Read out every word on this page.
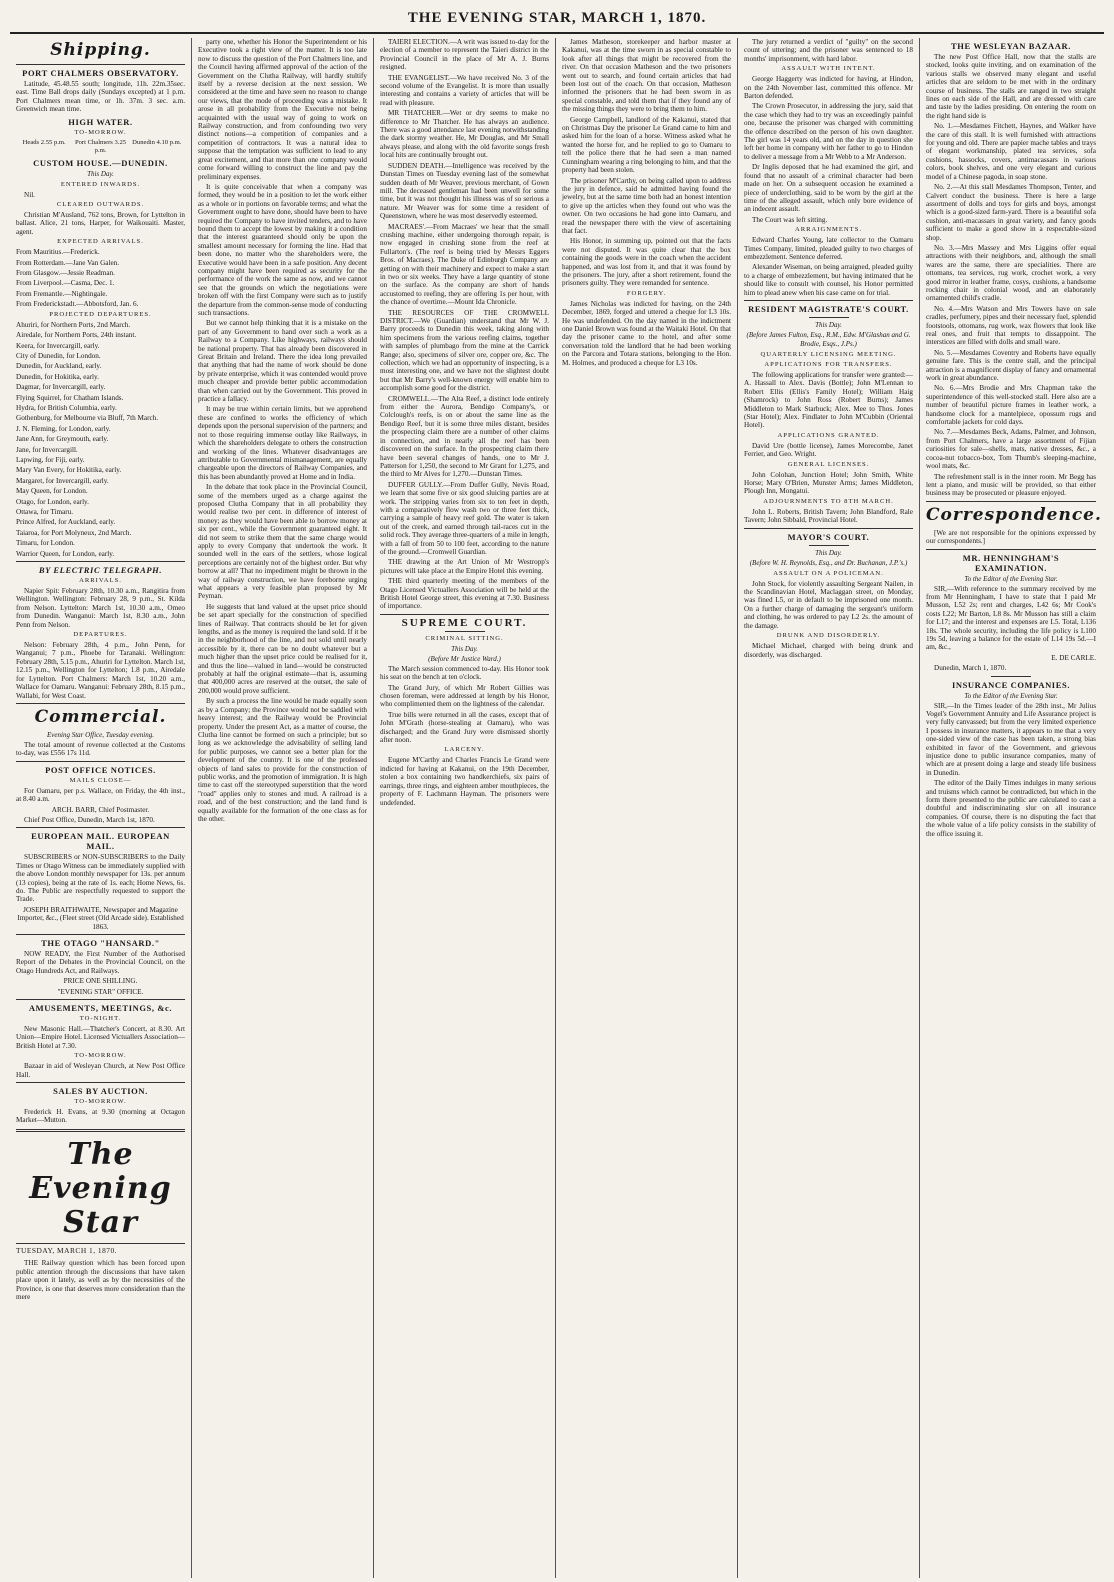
THE EVENING STAR, MARCH 1, 1870.
Shipping.
PORT CHALMERS OBSERVATORY.

Latitude, 45.48.55 south; longitude, 11h. 22m.35sec. east. Time Ball drops daily (Sundays excepted) at 1 p.m. Port Chalmers mean time, or 1h. 37m. 3 sec. a.m. Greenwich mean time.

HIGH WATER.
TO-MORROW.
Heads 2.55 p.m.	Port Chalmers 3.25 p.m.
Dunedin 4.10 p.m.
CUSTOM HOUSE.—DUNEDIN.
This Day.
ENTERED INWARDS.

Nil.

CLEARED OUTWARDS.

Christian M'Ausland, 762 tons, Brown, for Lyttelton in ballast. Alice, 21 tons, Harper, for Waikouaiti. Master, agent.

EXPECTED ARRIVALS.

From Mauritius.—Frederick.

From Rotterdam.—Jane Van Galen.

From Glasgow.—Jessie Readman.

From Liverpool.—Casma, Dec. 1.

From Fremantle.—Nightingale.

From Frederickstadt.—Abbotsford, Jan. 6.

PROJECTED DEPARTURES.

Ahuriri, for Northern Ports, 2nd March.

Airedale, for Northern Ports, 24th instant.

Keera, for Invercargill, early.

City of Dunedin, for London.

Dunedin, for Auckland, early.

Dunedin, for Hokitika, early.

Dagmar, for Invercargill, early.

Flying Squirrel, for Chatham Islands.

Hydra, for British Columbia, early.

Gothenburg, for Melbourne via Bluff, 7th March.

J. N. Fleming, for London, early.

Jane Ann, for Greymouth, early.

Jane, for Invercargill.

Lapwing, for Fiji, early.

Mary Van Every, for Hokitika, early.

Margaret, for Invercargill, early.

May Queen, for London.

Otago, for London, early.

Ottawa, for Timaru.

Prince Alfred, for Auckland, early.

Taiaroa, for Port Molyneux, 2nd March.

Timaru, for London.

Warrior Queen, for London, early.

BY ELECTRIC TELEGRAPH.
ARRIVALS.

Napier Spit: February 28th, 10.30 a.m., Rangitira from Wellington. Wellington: February 28, 9 p.m., St. Kilda from Nelson. Lyttelton: March 1st, 10.30 a.m., Omeo from Dunedin. Wanganui: March 1st, 8.30 a.m., John Penn from Nelson.

DEPARTURES.

Nelson: February 28th, 4 p.m., John Penn, for Wanganui; 7 p.m., Phoebe for Taranaki. Wellington: February 28th, 5.15 p.m., Ahuriri for Lyttelton. March 1st, 12.15 p.m., Wellington for Lyttelton; 1.8 p.m., Airedale for Lyttelton. Port Chalmers: March 1st, 10.20 a.m., Wallace for Oamaru. Wanganui: February 28th, 8.15 p.m., Wallabi, for West Coast.

Commercial.
Evening Star Office, Tuesday evening.

The total amount of revenue collected at the Customs to-day, was £556 17s 11d.

POST OFFICE NOTICES.
MAILS CLOSE—

For Oamaru, per p.s. Wallace, on Friday, the 4th inst., at 8.40 a.m.

ARCH. BARR, Chief Postmaster.

Chief Post Office, Dunedin, March 1st, 1870.

EUROPEAN MAIL. EUROPEAN MAIL.

SUBSCRIBERS or NON-SUBSCRIBERS to the Daily Times or Otago Witness can be immediately supplied with the above London monthly newspaper for 13s. per annum (13 copies), being at the rate of 1s. each; Home News, 6s. do. The Public are respectfully requested to support the Trade.

JOSEPH BRAITHWAITE, Newspaper and Magazine Importer, &c., (Fleet street (Old Arcade side). Established 1863.

THE OTAGO "HANSARD."

NOW READY, the First Number of the Authorised Report of the Debates in the Provincial Council, on the Otago Hundreds Act, and Railways.

PRICE ONE SHILLING.

"EVENING STAR" OFFICE.

AMUSEMENTS, MEETINGS, &c.
TO-NIGHT.

New Masonic Hall.—Thatcher's Concert, at 8.30. Art Union—Empire Hotel. Licensed Victuallers Association—British Hotel at 7.30.

TO-MORROW.

Bazaar in aid of Wesleyan Church, at New Post Office Hall.

SALES BY AUCTION.
TO-MORROW.

Frederick H. Evans, at 9.30 (morning at Octagon Market—Mutton.

The Evening Star

TUESDAY, MARCH 1, 1870.

THE Railway question which has been forced upon public attention through the discussions that have taken place upon it lately, as well as by the necessities of the Province, is one that deserves more consideration than the mere

party one, whether his Honor the Superintendent or his Executive took a right view of the matter. It is too late now to discuss the question of the Port Chalmers line, and the Council having affirmed approval of the action of the Government on the Clutha Railway, will hardly stultify itself by a reverse decision at the next session. We considered at the time and have seen no reason to change our views, that the mode of proceeding was a mistake. It arose in all probability from the Executive not being acquainted with the usual way of going to work on Railway construction, and from confounding two very distinct notions—a competition of companies and a competition of contractors. It was a natural idea to suppose that the temptation was sufficient to lead to any great excitement, and that more than one company would come forward willing to construct the line and pay the preliminary expenses.

It is quite conceivable that when a company was formed, they would be in a position to let the work either as a whole or in portions on favorable terms; and what the Government ought to have done, should have been to have required the Company to have invited tenders, and to have bound them to accept the lowest by making it a condition that the interest guaranteed should only be upon the smallest amount necessary for forming the line. Had that been done, no matter who the shareholders were, the Executive would have been in a safe position. Any decent company might have been required as security for the performance of the work the same as now, and we cannot see that the grounds on which the negotiations were broken off with the first Company were such as to justify the departure from the common-sense mode of conducting such transactions.

But we cannot help thinking that it is a mistake on the part of any Government to hand over such a work as a Railway to a Company. Like highways, railways should be national property. That has already been discovered in Great Britain and Ireland. There the idea long prevailed that anything that had the name of work should be done by private enterprise, which it was contended would prove much cheaper and provide better public accommodation than when carried out by the Government. This proved in practice a fallacy.

It may be true within certain limits, but we apprehend these are confined to works the efficiency of which depends upon the personal supervision of the partners; and not to those requiring immense outlay like Railways, in which the shareholders delegate to others the construction and working of the lines. Whatever disadvantages are attributable to Governmental mismanagement, are equally chargeable upon the directors of Railway Companies, and this has been abundantly proved at Home and in India.

In the debate that took place in the Provincial Council, some of the members urged as a charge against the proposed Clutha Company that in all probability they would realise two per cent. in difference of interest of money; as they would have been able to borrow money at six per cent., while the Government guaranteed eight. It did not seem to strike them that the same charge would apply to every Company that undertook the work. It sounded well in the ears of the settlers, whose logical perceptions are certainly not of the highest order. But why borrow at all? That no impediment might be thrown in the way of railway construction, we have foreborne urging what appears a very feasible plan proposed by Mr Peyman.

He suggests that land valued at the upset price should be set apart specially for the construction of specified lines of Railway. That contracts should be let for given lengths, and as the money is required the land sold. If it be in the neighborhood of the line, and not sold until nearly accessible by it, there can be no doubt whatever but a much higher than the upset price could be realised for it, and thus the line—valued in land—would be constructed probably at half the original estimate—that is, assuming that 400,000 acres are reserved at the outset, the sale of 200,000 would prove sufficient.

By such a process the line would be made equally soon as by a Company; the Province would not be saddled with heavy interest; and the Railway would be Provincial property. Under the present Act, as a matter of course, the Clutha line cannot be formed on such a principle; but so long as we acknowledge the advisability of selling land for public purposes, we cannot see a better plan for the development of the country. It is one of the professed objects of land sales to provide for the construction of public works, and the promotion of immigration. It is high time to cast off the stereotyped superstition that the word "road" applies only to stones and mud. A railroad is a road, and of the best construction; and the land fund is equally available for the formation of the one class as for the other.

TAIERI ELECTION.—A writ was issued to-day for the election of a member to represent the Taieri district in the Provincial Council in the place of Mr A. J. Burns resigned.

THE EVANGELIST.—We have received No. 3 of the second volume of the Evangelist. It is more than usually interesting and contains a variety of articles that will be read with pleasure.

MR THATCHER.—Wet or dry seems to make no difference to Mr Thatcher. He has always an audience. There was a good attendance last evening notwithstanding the dark stormy weather. He, Mr Douglas, and Mr Small always please, and along with the old favorite songs fresh local hits are continually brought out.

SUDDEN DEATH.—Intelligence was received by the Dunstan Times on Tuesday evening last of the somewhat sudden death of Mr Weaver, previous merchant, of Gown mill. The deceased gentleman had been unwell for some time, but it was not thought his illness was of so serious a nature. Mr Weaver was for some time a resident of Queenstown, where he was most deservedly esteemed.

MACRAES'.—From Macraes' we hear that the small crushing machine, either undergoing thorough repair, is now engaged in crushing stone from the reef at Fullarton's. (The reef is being tried by Messrs Eggers Bros. of Macraes). The Duke of Edinburgh Company are getting on with their machinery and expect to make a start in two or six weeks. They have a large quantity of stone on the surface. As the company are short of hands accustomed to reefing, they are offering 1s per hour, with the chance of overtime.—Mount Ida Chronicle.

THE RESOURCES OF THE CROMWELL DISTRICT.—We (Guardian) understand that Mr W. J. Barry proceeds to Dunedin this week, taking along with him specimens from the various reefing claims, together with samples of plumbago from the mine at the Carrick Range; also, specimens of silver ore, copper ore, &c. The collection, which we had an opportunity of inspecting, is a most interesting one, and we have not the slightest doubt but that Mr Barry's well-known energy will enable him to accomplish some good for the district.

CROMWELL.—The Alta Reef, a distinct lode entirely from either the Aurora, Bendigo Company's, or Colclough's reefs, is on or about the same line as the Bendigo Reef, but it is some three miles distant, besides the prospecting claim there are a number of other claims in connection, and in nearly all the reef has been discovered on the surface. In the prospecting claim there have been several changes of hands, one to Mr J. Patterson for 1,250, the second to Mr Grant for 1,275, and the third to Mr Alves for 1,270.—Dunstan Times.

DUFFER GULLY.—From Duffer Gully, Nevis Road, we learn that some five or six good sluicing parties are at work. The stripping varies from six to ten feet in depth, with a comparatively flow wash two or three feet thick, carrying a sample of heavy reef gold. The water is taken out of the creek, and earned through tail-races cut in the solid rock. They average three-quarters of a mile in length, with a fall of from 50 to 100 feet, according to the nature of the ground.—Cromwell Guardian.

THE drawing at the Art Union of Mr Westropp's pictures will take place at the Empire Hotel this evening.

THE third quarterly meeting of the members of the Otago Licensed Victuallers Association will be held at the British Hotel George street, this evening at 7.30. Business of importance.

SUPREME COURT.
CRIMINAL SITTING.
This Day.
(Before Mr Justice Ward.)

The March session commenced to-day. His Honor took his seat on the bench at ten o'clock.

The Grand Jury, of which Mr Robert Gillies was chosen foreman, were addressed at length by his Honor, who complimented them on the lightness of the calendar.

True bills were returned in all the cases, except that of John M'Grath (horse-stealing at Oamaru), who was discharged; and the Grand Jury were dismissed shortly after noon.

LARCENY.

Eugene M'Carthy and Charles Francis Le Grand were indicted for having at Kakanui, on the 19th December, stolen a box containing two handkerchiefs, six pairs of earrings, three rings, and eighteen amber mouthpieces, the property of F. Lachmann Hayman. The prisoners were undefended.

James Matheson, storekeeper and harbor master at Kakanui, was at the time sworn in as special constable to look after all things that might be recovered from the river. On that occasion Matheson and the two prisoners went out to search, and found certain articles that had been lost out of the coach. On that occasion, Matheson informed the prisoners that he had been sworn in as special constable, and told them that if they found any of the missing things they were to bring them to him.

George Campbell, landlord of the Kakanui, stated that on Christmas Day the prisoner Le Grand came to him and asked him for the loan of a horse. Witness asked what he wanted the horse for, and he replied to go to Oamaru to tell the police there that he had seen a man named Cunningham wearing a ring belonging to him, and that the property had been stolen.

The prisoner M'Carthy, on being called upon to address the jury in defence, said he admitted having found the jewelry, but at the same time both had an honest intention to give up the articles when they found out who was the owner. On two occasions he had gone into Oamaru, and read the newspaper there with the view of ascertaining that fact.

His Honor, in summing up, pointed out that the facts were not disputed. It was quite clear that the box containing the goods were in the coach when the accident happened, and was lost from it, and that it was found by the prisoners. The jury, after a short retirement, found the prisoners guilty. They were remanded for sentence.

FORGERY.

James Nicholas was indicted for having, on the 24th December, 1869, forged and uttered a cheque for L3 10s. He was undefended. On the day named in the indictment one Daniel Brown was found at the Waitaki Hotel. On that day the prisoner came to the hotel, and after some conversation told the landlord that he had been working on the Parcora and Totara stations, belonging to the Hon. M. Holmes, and produced a cheque for L3 10s.

The jury returned a verdict of "guilty" on the second count of uttering; and the prisoner was sentenced to 18 months' imprisonment, with hard labor.

ASSAULT WITH INTENT.

George Haggerty was indicted for having, at Hindon, on the 24th November last, committed this offence. Mr Barton defended.

The Crown Prosecutor, in addressing the jury, said that the case which they had to try was an exceedingly painful one, because the prisoner was charged with committing the offence described on the person of his own daughter. The girl was 14 years old, and on the day in question she left her home in company with her father to go to Hindon to deliver a message from a Mr Webb to a Mr Anderson.

Dr Inglis deposed that he had examined the girl, and found that no assault of a criminal character had been made on her. On a subsequent occasion he examined a piece of underclothing, said to be worn by the girl at the time of the alleged assault, which only bore evidence of an indecent assault.

The Court was left sitting.

ARRAIGNMENTS.

Edward Charles Young, late collector to the Oamaru Times Company, limited, pleaded guilty to two charges of embezzlement. Sentence deferred.

Alexander Wiseman, on being arraigned, pleaded guilty to a charge of embezzlement, but having intimated that he should like to consult with counsel, his Honor permitted him to plead anew when his case came on for trial.

RESIDENT MAGISTRATE'S COURT.
This Day.
(Before James Fulton, Esq., R.M., Edw. M'Glashan and G. Brodie, Esqs., J.Ps.)
QUARTERLY LICENSING MEETING.
APPLICATIONS FOR TRANSFERS.

The following applications for transfer were granted:—A. Hassall to Alex. Davis (Bottle); John M'Lennan to Robert Ellis (Ellis's Family Hotel); William Haig (Shamrock) to John Ross (Robert Burns); James Middleton to Mark Starbuck; Alex. Mee to Thos. Jones (Star Hotel); Alex. Findlater to John M'Cubbin (Oriental Hotel).

APPLICATIONS GRANTED.

David Ure (bottle license), James Morecombe, Janet Ferrier, and Geo. Wright.

GENERAL LICENSES.

John Colohan, Junction Hotel; John Smith, White Horse; Mary O'Brien, Munster Arms; James Middleton, Plough Inn, Mongatui.

ADJOURNMENTS TO 8TH MARCH.

John L. Roberts, British Tavern; John Blandford, Rale Tavern; John Sibbald, Provincial Hotel.

MAYOR'S COURT.
This Day.
(Before W. H. Reynolds, Esq., and Dr. Buchanan, J.P.'s.)
ASSAULT ON A POLICEMAN.

John Stock, for violently assaulting Sergeant Nailen, in the Scandinavian Hotel, Maclaggan street, on Monday, was fined L5, or in default to be imprisoned one month. On a further charge of damaging the sergeant's uniform and clothing, he was ordered to pay L2 2s. the amount of the damage.

DRUNK AND DISORDERLY.

Michael Michael, charged with being drunk and disorderly, was discharged.

THE WESLEYAN BAZAAR.

The new Post Office Hall, now that the stalls are stocked, looks quite inviting, and on examination of the various stalls we observed many elegant and useful articles that are seldom to be met with in the ordinary course of business. The stalls are ranged in two straight lines on each side of the Hall, and are dressed with care and taste by the ladies presiding. On entering the room on the right hand side is

No. 1.—Mesdames Fitchett, Haynes, and Walker have the care of this stall. It is well furnished with attractions for young and old. There are papier mache tables and trays of elegant workmanship, plated tea services, sofa cushions, hassocks, covers, antimacassars in various colors, book shelves, and one very elegant and curious model of a Chinese pagoda, in soap stone.

No. 2.—At this stall Mesdames Thompson, Tenter, and Calvert conduct the business. There is here a large assortment of dolls and toys for girls and boys, amongst which is a good-sized farm-yard. There is a beautiful sofa cushion, anti-macassars in great variety, and fancy goods sufficient to make a good show in a respectable-sized shop.

No. 3.—Mrs Massey and Mrs Liggins offer equal attractions with their neighbors, and, although the small wares are the same, there are specialities. There are ottomans, tea services, rug work, crochet work, a very good mirror in leather frame, cosys, cushions, a handsome rocking chair in colonial wood, and an elaborately ornamented child's cradle.

No. 4.—Mrs Watson and Mrs Towers have on sale cradles, perfumery, pipes and their necessary fuel, splendid footstools, ottomans, rug work, wax flowers that look like real ones, and fruit that tempts to dissappoint. The interstices are filled with dolls and small ware.

No. 5.—Mesdames Coventry and Roberts have equally genuine fare. This is the centre stall, and the principal attraction is a magnificent display of fancy and ornamental work in great abundance.

No. 6.—Mrs Brodie and Mrs Chapman take the superintendence of this well-stocked stall. Here also are a number of beautiful picture frames in leather work, a handsome clock for a mantelpiece, opossum rugs and comfortable jackets for cold days.

No. 7.—Mesdames Beck, Adams, Palmer, and Johnson, from Port Chalmers, have a large assortment of Fijian curiosities for sale—shells, mats, native dresses, &c., a cocoa-nut tobacco-box, Tom Thumb's sleeping-machine, wool mats, &c.

The refreshment stall is in the inner room. Mr Begg has lent a piano, and music will be provided, so that either business may be prosecuted or pleasure enjoyed.

Correspondence.

[We are not responsible for the opinions expressed by our correspondents.]

MR. HENNINGHAM'S EXAMINATION.
To the Editor of the Evening Star.

SIR,—With reference to the summary received by me from Mr Henningham, I have to state that I paid Mr Musson, L52 2s; rent and charges, L42 6s; Mr Cook's costs L22; Mr Barton, L8 8s. Mr Musson has still a claim for L17; and the interest and expenses are L5. Total, L136 18s. The whole security, including the life policy is L100 19s 5d, leaving a balance for the estate of L14 19s 5d.—I am, &c.,

E. DE CARLE.

Dunedin, March 1, 1870.

INSURANCE COMPANIES.
To the Editor of the Evening Star.

SIR,—In the Times leader of the 28th inst., Mr Julius Vogel's Government Annuity and Life Assurance project is very fully canvassed; but from the very limited experience I possess in insurance matters, it appears to me that a very one-sided view of the case has been taken, a strong bias exhibited in favor of the Government, and grievous injustice done to public insurance companies, many of which are at present doing a large and steady life business in Dunedin.

The editor of the Daily Times indulges in many serious and truisms which cannot be contradicted, but which in the form there presented to the public are calculated to cast a doubtful and indiscriminating slur on all insurance companies. Of course, there is no disputing the fact that the whole value of a life policy consists in the stability of the office issuing it.
